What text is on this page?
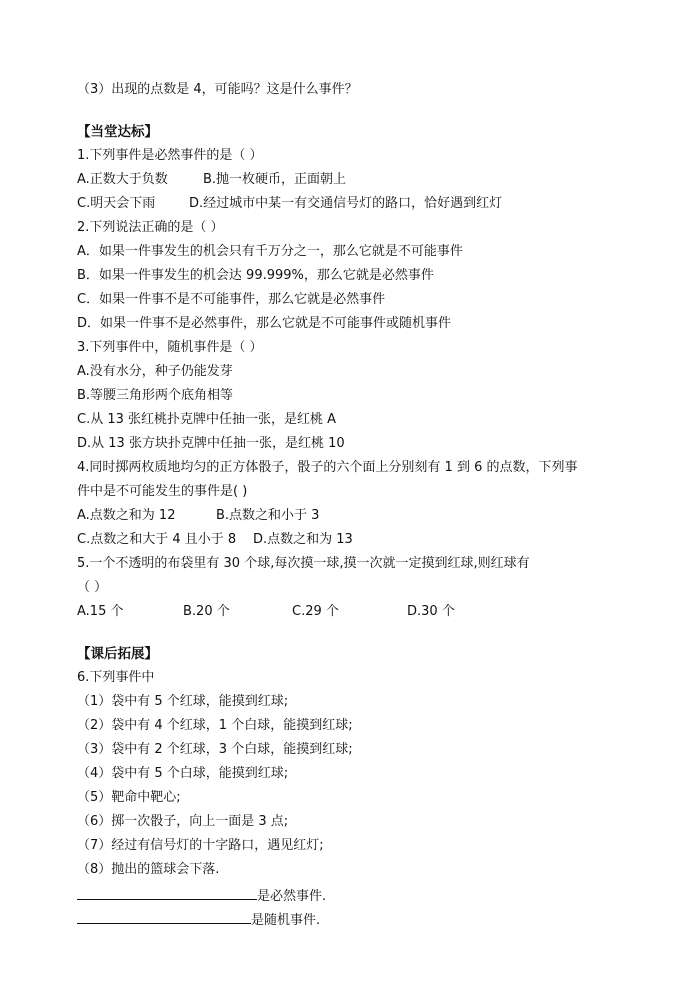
（3）出现的点数是 4，可能吗？这是什么事件？
【当堂达标】
1.下列事件是必然事件的是（ ）
A.正数大于负数	B.抛一枚硬币，正面朝上
C.明天会下雨	D.经过城市中某一有交通信号灯的路口，恰好遇到红灯
2.下列说法正确的是（ ）
A．如果一件事发生的机会只有千万分之一，那么它就是不可能事件
B．如果一件事发生的机会达 99.999%，那么它就是必然事件
C．如果一件事不是不可能事件，那么它就是必然事件
D．如果一件事不是必然事件，那么它就是不可能事件或随机事件
3.下列事件中，随机事件是（ ）
A.没有水分，种子仍能发芽
B.等腰三角形两个底角相等
C.从 13 张红桃扑克牌中任抽一张，是红桃 A
D.从 13 张方块扑克牌中任抽一张，是红桃 10
4.同时掷两枚质地均匀的正方体骰子，骰子的六个面上分别刻有 1 到 6 的点数，下列事
件中是不可能发生的事件是( )
A.点数之和为 12	B.点数之和小于 3
C.点数之和大于 4 且小于 8 D.点数之和为 13
5.一个不透明的布袋里有 30 个球,每次摸一球,摸一次就一定摸到红球,则红球有
（ ）
A.15 个	B.20 个	C.29 个	D.30 个
【课后拓展】
6.下列事件中
（1）袋中有 5 个红球，能摸到红球;
（2）袋中有 4 个红球，1 个白球，能摸到红球;
（3）袋中有 2 个红球，3 个白球，能摸到红球;
（4）袋中有 5 个白球，能摸到红球;
（5）靶命中靶心;
（6）掷一次骰子，向上一面是 3 点;
（7）经过有信号灯的十字路口，遇见红灯;
（8）抛出的篮球会下落.
是必然事件.
是随机事件.
